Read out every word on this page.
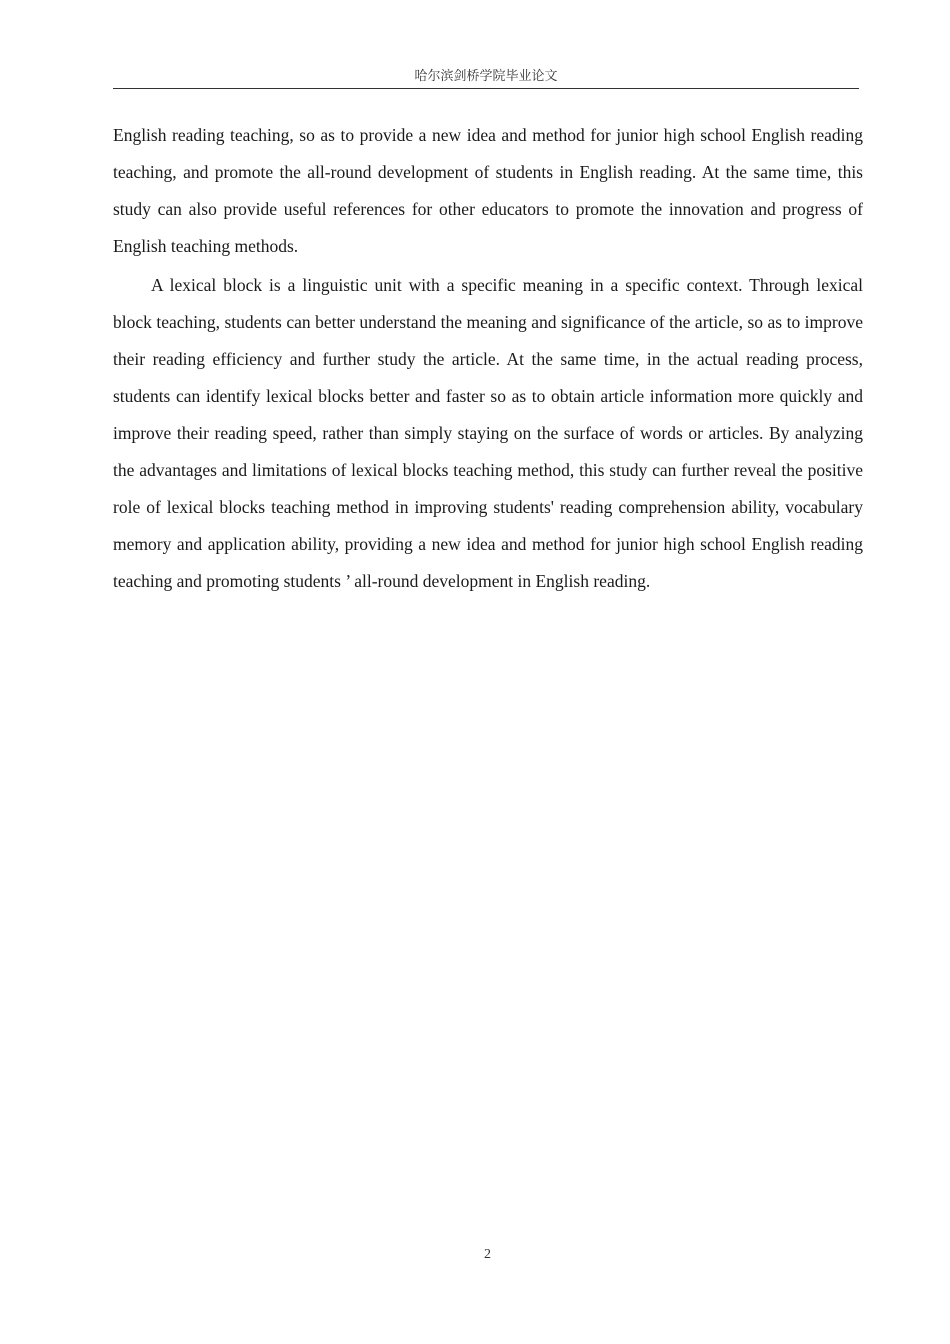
哈尔滨剑桥学院毕业论文

English reading teaching, so as to provide a new idea and method for junior high school English reading teaching, and promote the all-round development of students in English reading. At the same time, this study can also provide useful references for other educators to promote the innovation and progress of English teaching methods.

A lexical block is a linguistic unit with a specific meaning in a specific context. Through lexical block teaching, students can better understand the meaning and significance of the article, so as to improve their reading efficiency and further study the article. At the same time, in the actual reading process, students can identify lexical blocks better and faster so as to obtain article information more quickly and improve their reading speed, rather than simply staying on the surface of words or articles. By analyzing the advantages and limitations of lexical blocks teaching method, this study can further reveal the positive role of lexical blocks teaching method in improving students' reading comprehension ability, vocabulary memory and application ability, providing a new idea and method for junior high school English reading teaching and promoting students ’ all-round development in English reading.

2
